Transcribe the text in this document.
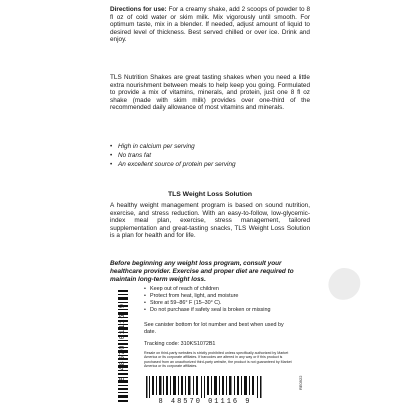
Directions for use: For a creamy shake, add 2 scoops of powder to 8 fl oz of cold water or skim milk. Mix vigorously until smooth. For optimum taste, mix in a blender. If needed, adjust amount of liquid to desired level of thickness. Best served chilled or over ice. Drink and enjoy.

TLS Nutrition Shakes are great tasting shakes when you need a little extra nourishment between meals to help keep you going. Formulated to provide a mix of vitamins, minerals, and protein, just one 8 fl oz shake (made with skim milk) provides over one-third of the recommended daily allowance of most vitamins and minerals.

• High in calcium per serving
• No trans fat
• An excellent source of protein per serving
TLS Weight Loss Solution

A healthy weight management program is based on sound nutrition, exercise, and stress reduction. With an easy-to-follow, low-glycemic-index meal plan, exercise, stress management, tailored supplementation and great-tasting snacks, TLS Weight Loss Solution is a plan for health and for life.

Before beginning any weight loss program, consult your healthcare provider. Exercise and proper diet are required to maintain long-term weight loss.

8 48570 01116 9
• Keep out of reach of children
• Protect from heat, light, and moisture
• Store at 59–86° F (15–30° C).
• Do not purchase if safety seal is broken or missing

See canister bottom for lot number and best when used by date.

Tracking code: 310KS1072B1

Resale on third-party websites is strictly prohibited unless specifically authorized by Market America or its corporate affiliates. If barcodes are altered in any way or if this product is purchased from an unauthorized third-party website, the product is not guaranteed by Market America or its corporate affiliates.

8 48570 01116 9
RE0922
